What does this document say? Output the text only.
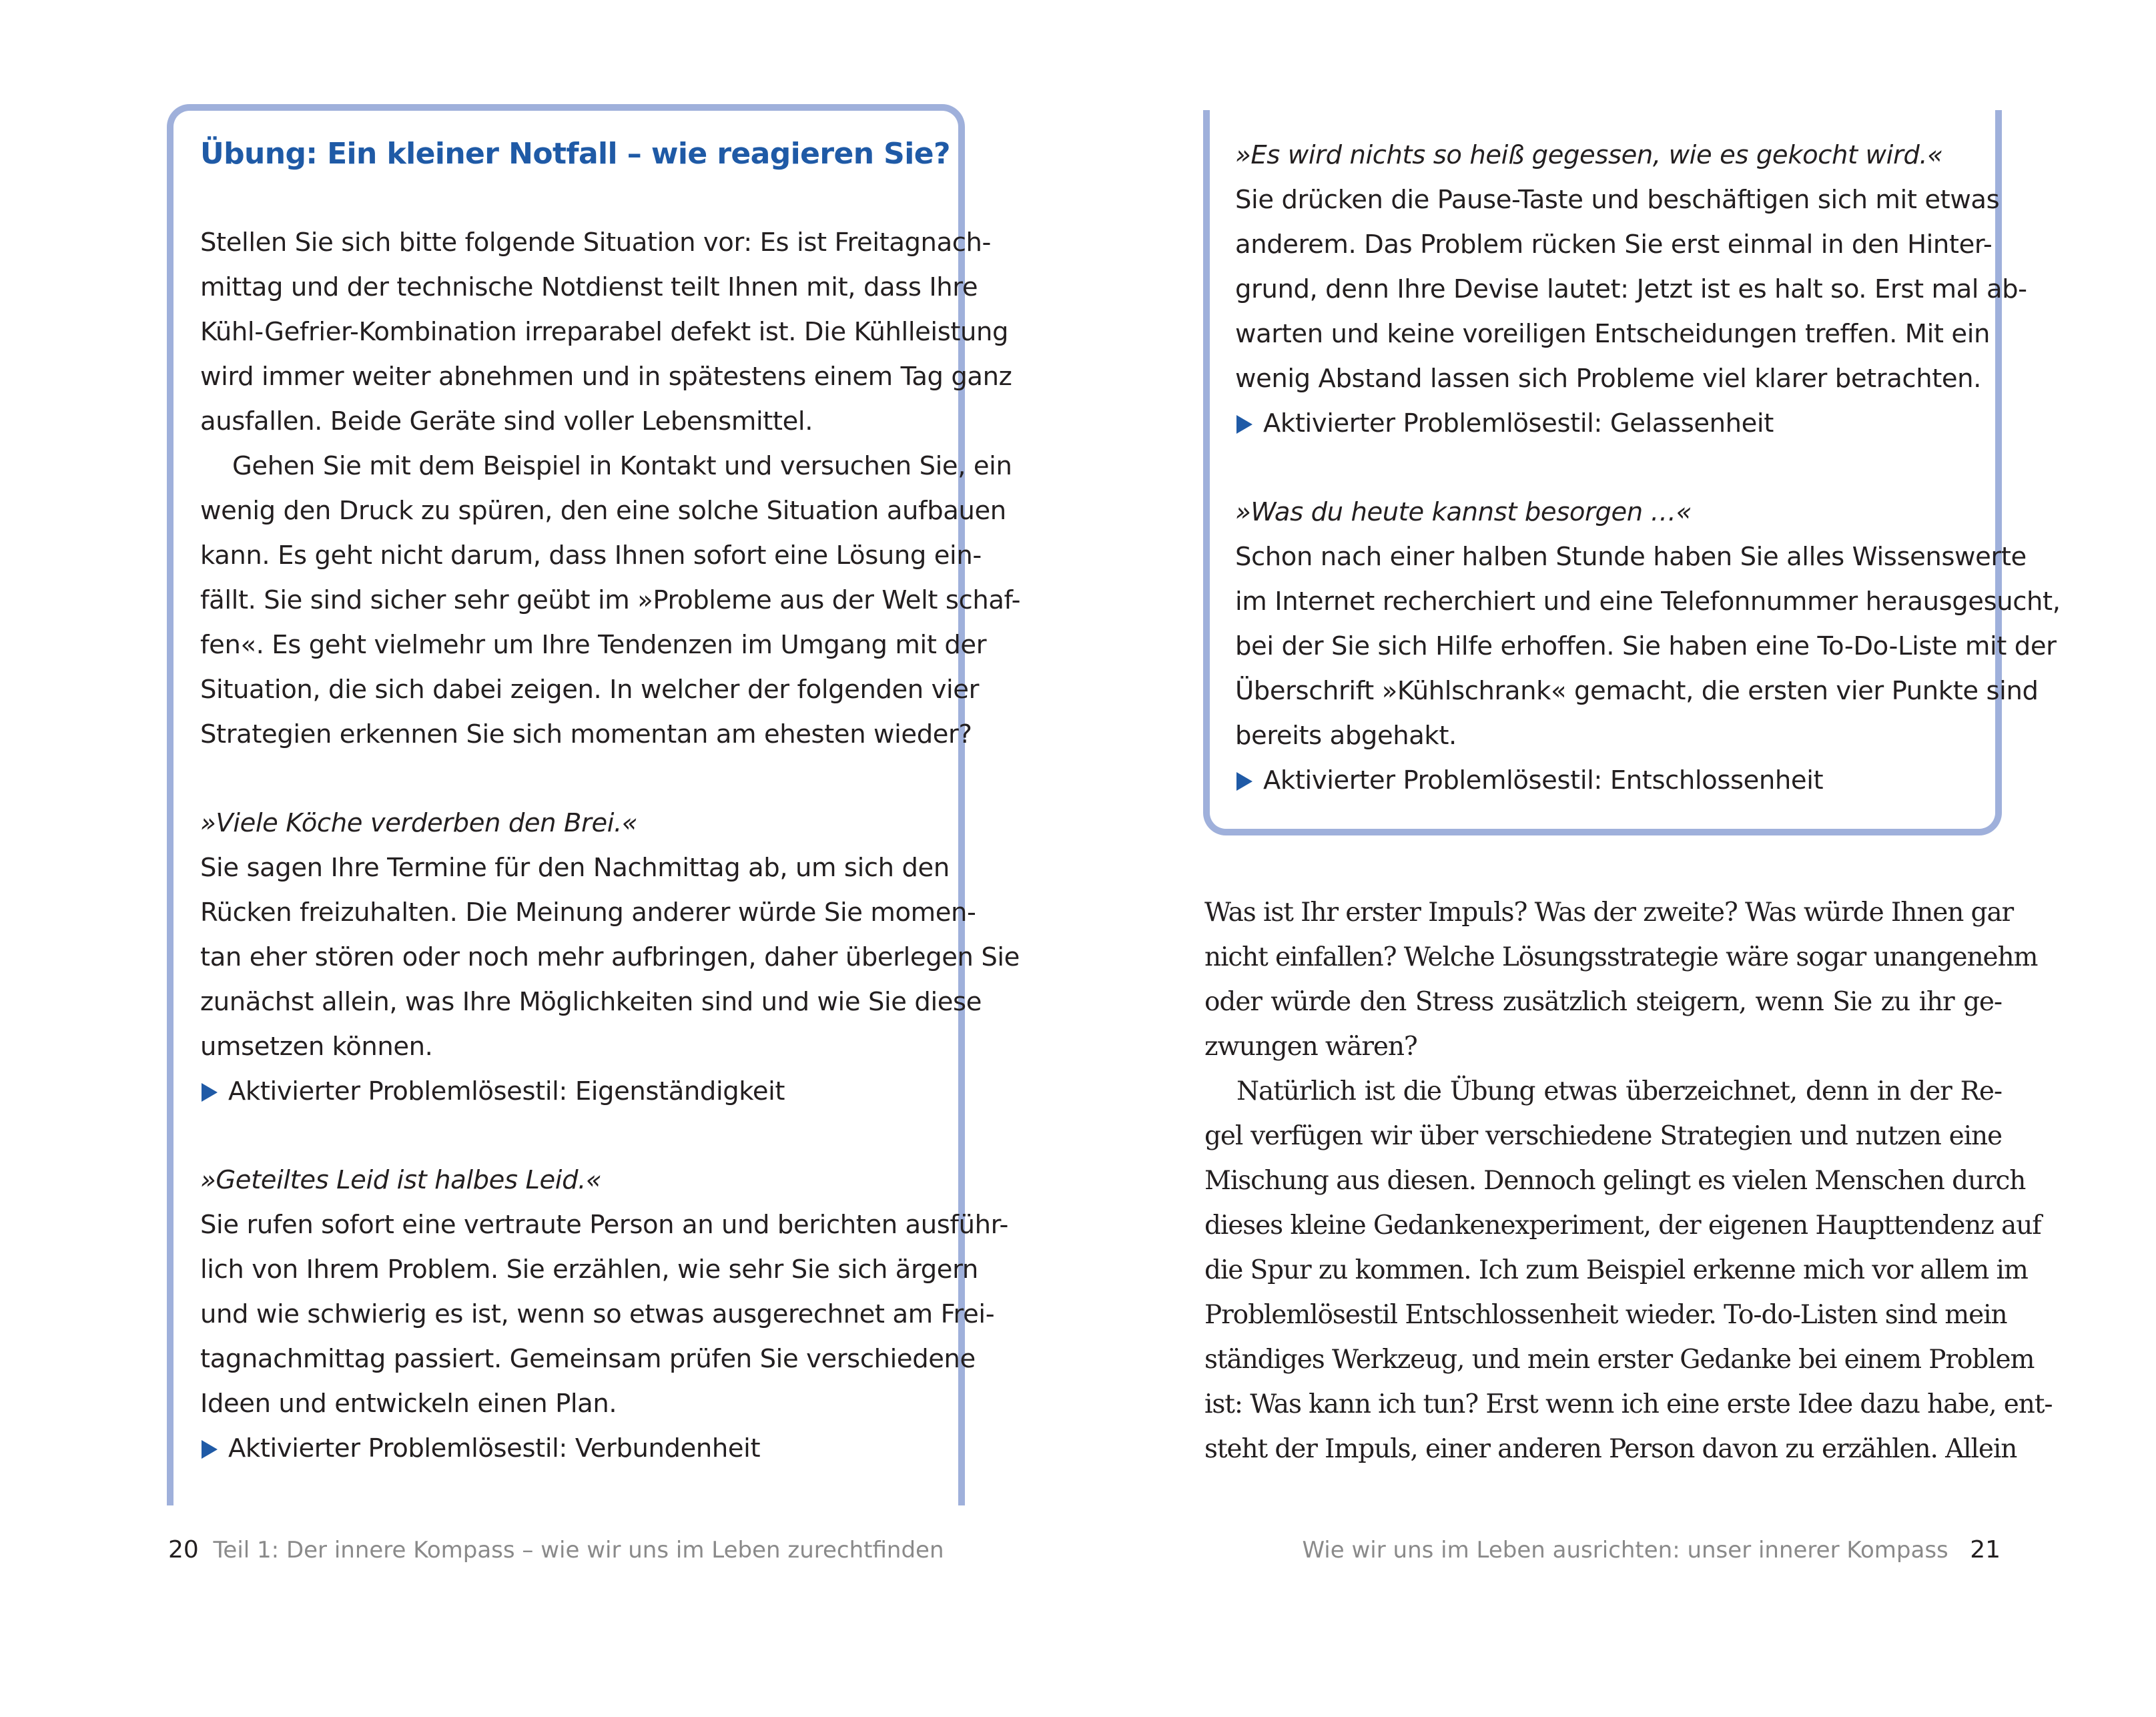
Übung: Ein kleiner Notfall – wie reagieren Sie?
Stellen Sie sich bitte folgende Situation vor: Es ist Freitagnach-
mittag und der technische Notdienst teilt Ihnen mit, dass Ihre
Kühl-Gefrier-Kombination irreparabel defekt ist. Die Kühlleistung
wird immer weiter abnehmen und in spätestens einem Tag ganz
ausfallen. Beide Geräte sind voller Lebensmittel.
Gehen Sie mit dem Beispiel in Kontakt und versuchen Sie, ein
wenig den Druck zu spüren, den eine solche Situation aufbauen
kann. Es geht nicht darum, dass Ihnen sofort eine Lösung ein-
fällt. Sie sind sicher sehr geübt im »Probleme aus der Welt schaf-
fen«. Es geht vielmehr um Ihre Tendenzen im Umgang mit der
Situation, die sich dabei zeigen. In welcher der folgenden vier
Strategien erkennen Sie sich momentan am ehesten wieder?
»Viele Köche verderben den Brei.«
Sie sagen Ihre Termine für den Nachmittag ab, um sich den
Rücken freizuhalten. Die Meinung anderer würde Sie momen-
tan eher stören oder noch mehr aufbringen, daher überlegen Sie
zunächst allein, was Ihre Möglichkeiten sind und wie Sie diese
umsetzen können.
Aktivierter Problemlösestil: Eigenständigkeit
»Geteiltes Leid ist halbes Leid.«
Sie rufen sofort eine vertraute Person an und berichten ausführ-
lich von Ihrem Problem. Sie erzählen, wie sehr Sie sich ärgern
und wie schwierig es ist, wenn so etwas ausgerechnet am Frei-
tagnachmittag passiert. Gemeinsam prüfen Sie verschiedene
Ideen und entwickeln einen Plan.
Aktivierter Problemlösestil: Verbundenheit
20 Teil 1: Der innere Kompass – wie wir uns im Leben zurechtfinden
»Es wird nichts so heiß gegessen, wie es gekocht wird.«
Sie drücken die Pause-Taste und beschäftigen sich mit etwas
anderem. Das Problem rücken Sie erst einmal in den Hinter-
grund, denn Ihre Devise lautet: Jetzt ist es halt so. Erst mal ab-
warten und keine voreiligen Entscheidungen treffen. Mit ein
wenig Abstand lassen sich Probleme viel klarer betrachten.
Aktivierter Problemlösestil: Gelassenheit
»Was du heute kannst besorgen …«
Schon nach einer halben Stunde haben Sie alles Wissenswerte
im Internet recherchiert und eine Telefonnummer herausgesucht,
bei der Sie sich Hilfe erhoffen. Sie haben eine To-Do-Liste mit der
Überschrift »Kühlschrank« gemacht, die ersten vier Punkte sind
bereits abgehakt.
Aktivierter Problemlösestil: Entschlossenheit
Was ist Ihr erster Impuls? Was der zweite? Was würde Ihnen gar
nicht einfallen? Welche Lösungsstrategie wäre sogar unangenehm
oder würde den Stress zusätzlich steigern, wenn Sie zu ihr ge-
zwungen wären?
Natürlich ist die Übung etwas überzeichnet, denn in der Re-
gel verfügen wir über verschiedene Strategien und nutzen eine
Mischung aus diesen. Dennoch gelingt es vielen Menschen durch
dieses kleine Gedankenexperiment, der eigenen Haupttendenz auf
die Spur zu kommen. Ich zum Beispiel erkenne mich vor allem im
Problemlösestil Entschlossenheit wieder. To-do-Listen sind mein
ständiges Werkzeug, und mein erster Gedanke bei einem Problem
ist: Was kann ich tun? Erst wenn ich eine erste Idee dazu habe, ent-
steht der Impuls, einer anderen Person davon zu erzählen. Allein
Wie wir uns im Leben ausrichten: unser innerer Kompass 21
